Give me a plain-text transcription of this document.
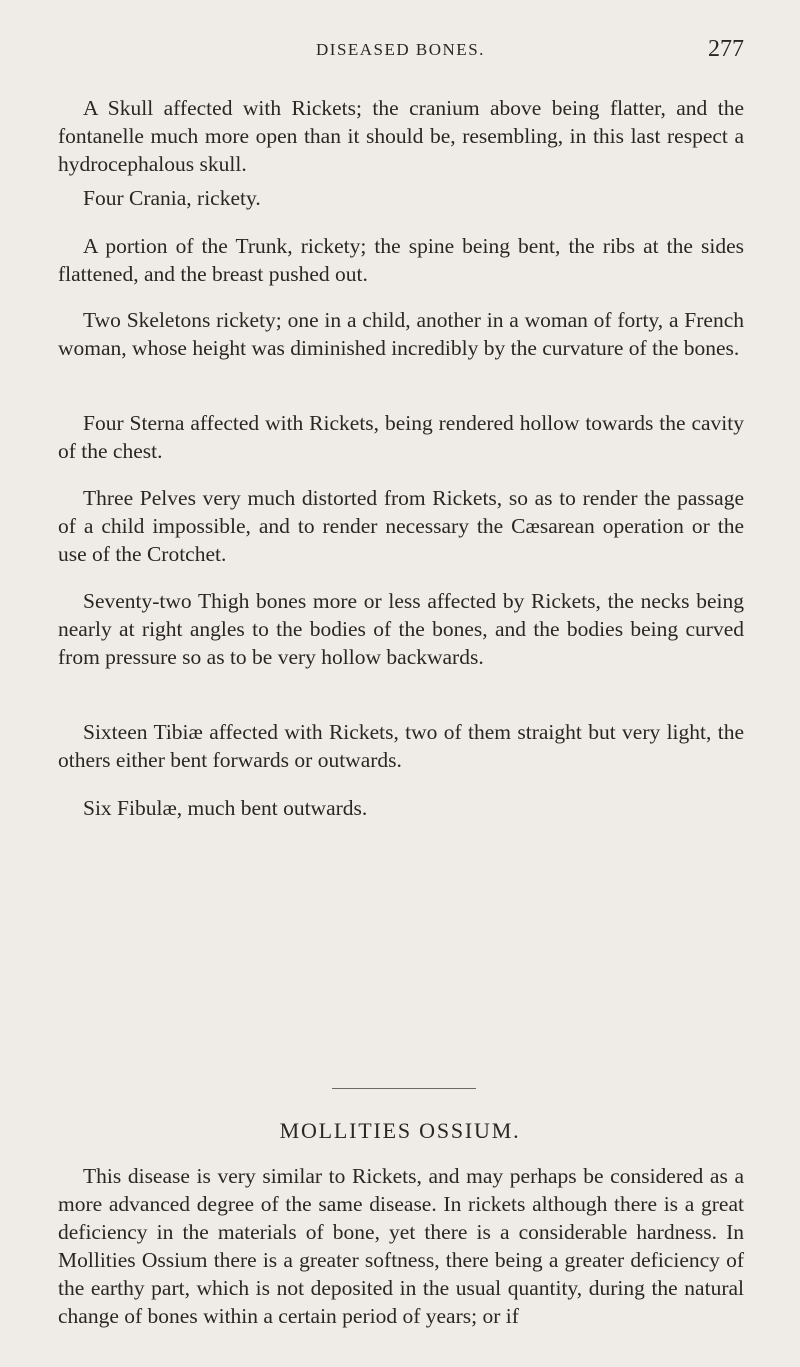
DISEASED BONES.	277

A Skull affected with Rickets; the cranium above being flatter, and the fontanelle much more open than it should be, resembling, in this last respect a hydrocephalous skull.

Four Crania, rickety.

A portion of the Trunk, rickety; the spine being bent, the ribs at the sides flattened, and the breast pushed out.

Two Skeletons rickety; one in a child, another in a woman of forty, a French woman, whose height was diminished incredibly by the curvature of the bones.

Four Sterna affected with Rickets, being rendered hollow towards the cavity of the chest.

Three Pelves very much distorted from Rickets, so as to render the passage of a child impossible, and to render necessary the Cæsarean operation or the use of the Crotchet.

Seventy-two Thigh bones more or less affected by Rickets, the necks being nearly at right angles to the bodies of the bones, and the bodies being curved from pressure so as to be very hollow backwards.

Sixteen Tibiæ affected with Rickets, two of them straight but very light, the others either bent forwards or outwards.

Six Fibulæ, much bent outwards.

MOLLITIES OSSIUM.

This disease is very similar to Rickets, and may perhaps be considered as a more advanced degree of the same disease. In rickets although there is a great deficiency in the materials of bone, yet there is a considerable hardness. In Mollities Ossium there is a greater softness, there being a greater deficiency of the earthy part, which is not deposited in the usual quantity, during the natural change of bones within a certain period of years; or if
